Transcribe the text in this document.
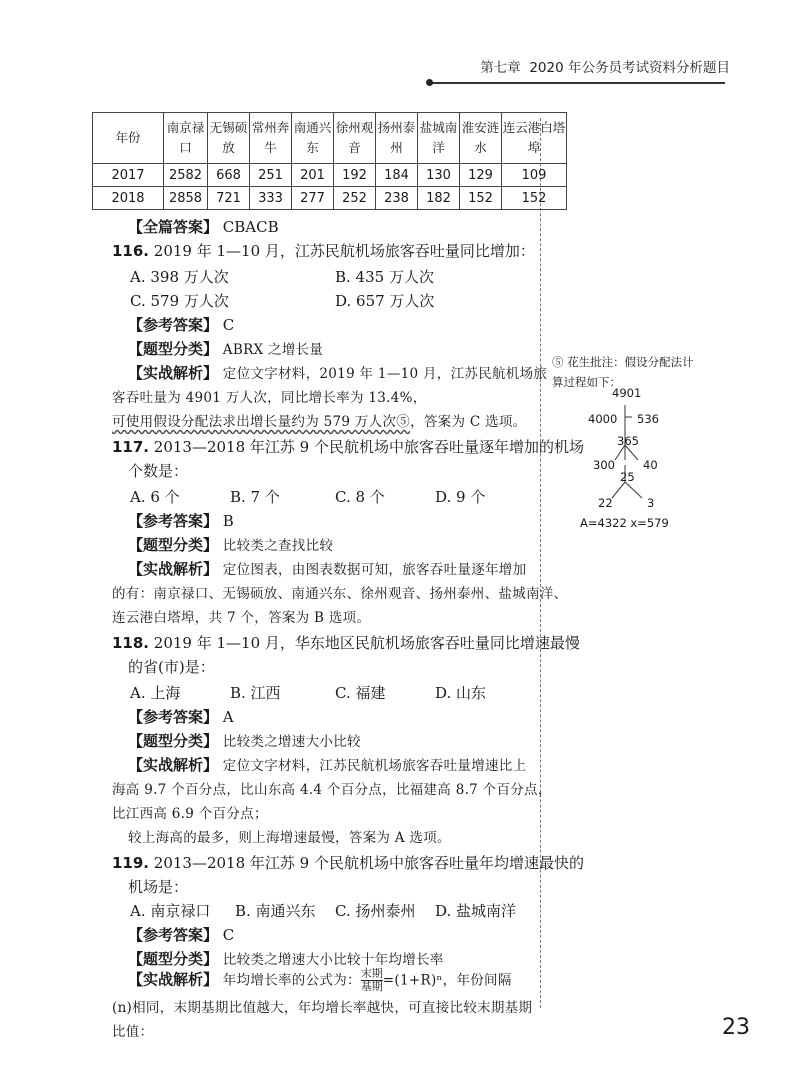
第七章 2020 年公务员考试资料分析题目
年份	南京禄口	无锡硕放	常州奔牛	南通兴东	徐州观音	扬州泰州	盐城南洋	淮安涟水	连云港白塔埠
2017	2582	668	251	201	192	184	130	129	109
2018	2858	721	333	277	252	238	182	152	152
【全篇答案】 CBACB
116. 2019 年 1—10 月，江苏民航机场旅客吞吐量同比增加：
A. 398 万人次	B. 435 万人次
C. 579 万人次	D. 657 万人次
【参考答案】 C
【题型分类】 ABRX 之增长量
【实战解析】 定位文字材料，2019 年 1—10 月，江苏民航机场旅
客吞吐量为 4901 万人次，同比增长率为 13.4%，
可使用假设分配法求出增长量约为 579 万人次⑤，答案为 C 选项。
117. 2013—2018 年江苏 9 个民航机场中旅客吞吐量逐年增加的机场
个数是：
A. 6 个	B. 7 个	C. 8 个	D. 9 个
【参考答案】 B
【题型分类】 比较类之查找比较
【实战解析】 定位图表，由图表数据可知，旅客吞吐量逐年增加
的有：南京禄口、无锡硕放、南通兴东、徐州观音、扬州泰州、盐城南洋、
连云港白塔埠，共 7 个，答案为 B 选项。
118. 2019 年 1—10 月，华东地区民航机场旅客吞吐量同比增速最慢
的省(市)是：
A. 上海	B. 江西	C. 福建	D. 山东
【参考答案】 A
【题型分类】 比较类之增速大小比较
【实战解析】 定位文字材料，江苏民航机场旅客吞吐量增速比上
海高 9.7 个百分点，比山东高 4.4 个百分点，比福建高 8.7 个百分点，
比江西高 6.9 个百分点；
较上海高的最多，则上海增速最慢，答案为 A 选项。
119. 2013—2018 年江苏 9 个民航机场中旅客吞吐量年均增速最快的
机场是：
A. 南京禄口 B. 南通兴东 C. 扬州泰州 D. 盐城南洋
【参考答案】 C
【题型分类】 比较类之增速大小比较十年均增长率
【实战解析】 年均增长率的公式为： $\frac{\text{末期}}{\text{基期}}=(1+R)^n$，年份间隔
(n)相同，末期基期比值越大，年均增长率越快，可直接比较末期基期
比值：
⑤ 花生批注：假设分配法计
算过程如下：
4901
4000 536
365
300 40
25
22	3
A=4322 x=579
23
